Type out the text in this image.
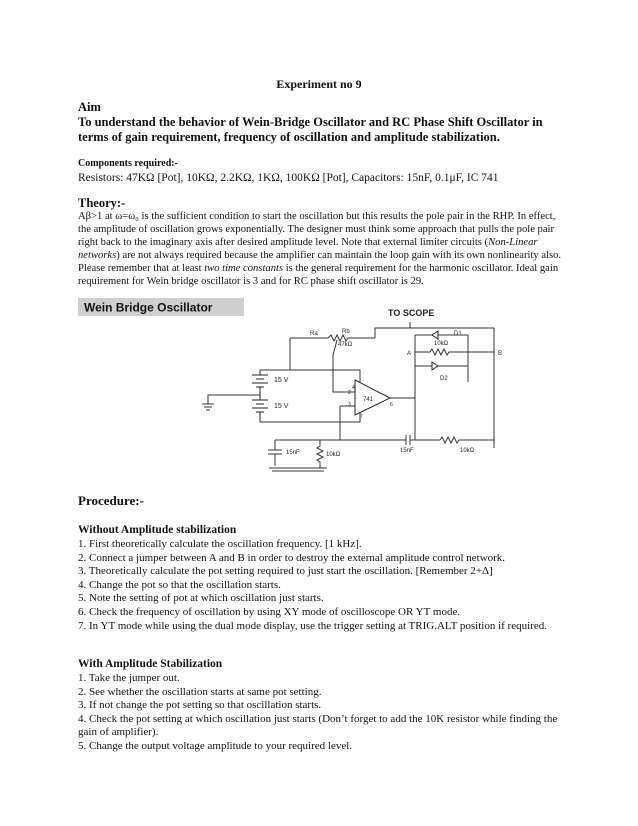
Experiment no 9
Aim
To understand the behavior of Wein-Bridge Oscillator and RC Phase Shift Oscillator in terms of gain requirement, frequency of oscillation and amplitude stabilization.
Components required:-
Resistors: 47KΩ [Pot], 10KΩ, 2.2KΩ, 1KΩ, 100KΩ [Pot], Capacitors: 15nF, 0.1μF, IC 741
Theory:-
Aβ>1 at ω=ω₀ is the sufficient condition to start the oscillation but this results the pole pair in the RHP. In effect, the amplitude of oscillation grows exponentially. The designer must think some approach that pulls the pole pair right back to the imaginary axis after desired amplitude level. Note that external limiter circuits (Non-Linear networks) are not always required because the amplifier can maintain the loop gain with its own nonlinearity also. Please remember that at least two time constants is the general requirement for the harmonic oscillator. Ideal gain requirement for Wein bridge oscillator is 3 and for RC phase shift oscillator is 29.
Wein Bridge Oscillator	TO SCOPE
Ra	Rb
47kΩ
D1
A	B
10kΩ
D2
15 V
15 V
741
4
2
3
7
6
15nF	10kΩ
15nF	10kΩ
Procedure:-
Without Amplitude stabilization
1. First theoretically calculate the oscillation frequency. [1 kHz].
2. Connect a jumper between A and B in order to destroy the external amplitude control network.
3. Theoretically calculate the pot setting required to just start the oscillation. [Remember 2+Δ]
4. Change the pot so that the oscillation starts.
5. Note the setting of pot at which oscillation just starts.
6. Check the frequency of oscillation by using XY mode of oscilloscope OR YT mode.
7. In YT mode while using the dual mode display, use the trigger setting at TRIG.ALT position if required.
With Amplitude Stabilization
1. Take the jumper out.
2. See whether the oscillation starts at same pot setting.
3. If not change the pot setting so that oscillation starts.
4. Check the pot setting at which oscillation just starts (Don’t forget to add the 10K resistor while finding the gain of amplifier).
5. Change the output voltage amplitude to your required level.
